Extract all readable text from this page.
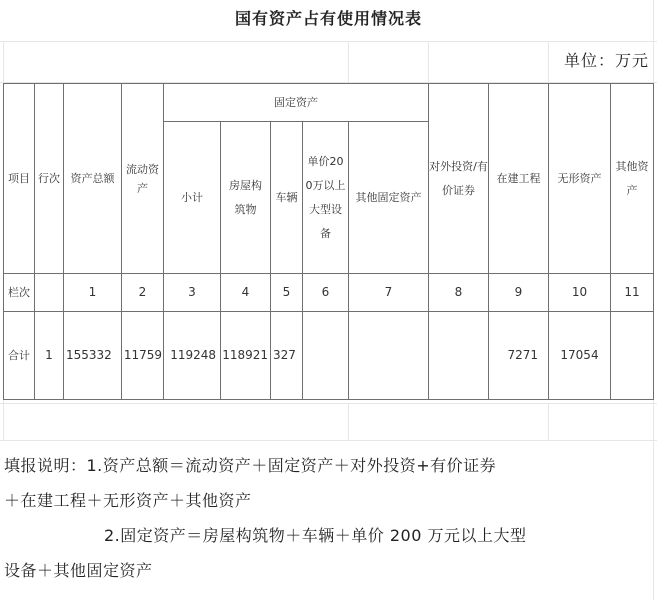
国有资产占有使用情况表
单位：万元
项目	行次	资产总额	流动资产	固定资产					对外投资/有价证券	在建工程	无形资产	其他资产

				小计	房屋构筑物	车辆	单价200万以上大型设备	其他固定资产				

栏次		1	2	3	4	5	6	7	8	9	10	11
合计	1	155332	11759	119248	118921	327				7271	17054	
填报说明：1.资产总额＝流动资产＋固定资产＋对外投资+有价证券
＋在建工程＋无形资产＋其他资产
2.固定资产＝房屋构筑物＋车辆＋单价 200 万元以上大型
设备＋其他固定资产
